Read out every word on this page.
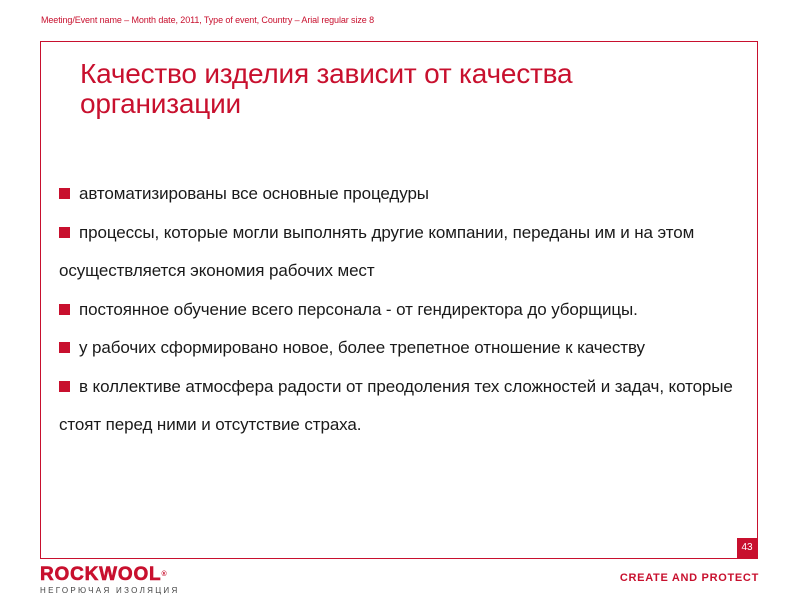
Meeting/Event name – Month date, 2011, Type of event, Country – Arial regular size 8
Качество изделия зависит от качества организации
автоматизированы все основные процедуры
процессы, которые могли выполнять другие компании, переданы им и на этом осуществляется экономия рабочих мест
постоянное обучение всего персонала - от гендиректора до уборщицы.
у рабочих сформировано новое, более трепетное отношение к качеству
в коллективе атмосфера радости от преодоления тех сложностей и задач, которые стоят перед ними и отсутствие страха.
43
ROCKWOOL®
НЕГОРЮЧАЯ ИЗОЛЯЦИЯ
CREATE AND PROTECT
